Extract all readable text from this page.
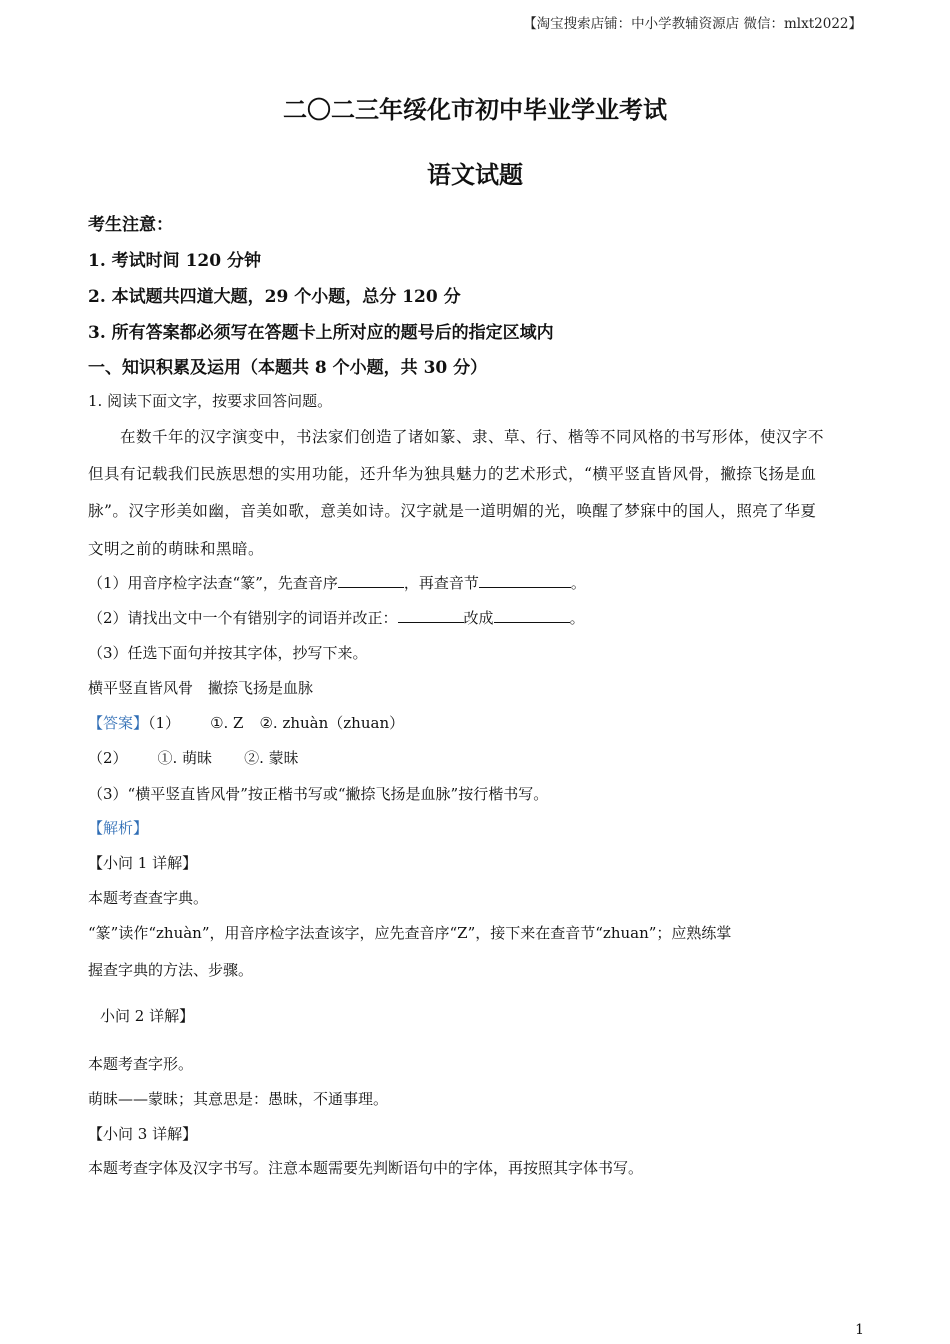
【淘宝搜索店铺：中小学教辅资源店 微信：mlxt2022】
二〇二三年绥化市初中毕业学业考试
语文试题
考生注意：
1. 考试时间 120 分钟
2. 本试题共四道大题，29 个小题，总分 120 分
3. 所有答案都必须写在答题卡上所对应的题号后的指定区域内
一、知识积累及运用（本题共 8 个小题，共 30 分）
1. 阅读下面文字，按要求回答问题。
在数千年的汉字演变中，书法家们创造了诸如篆、隶、草、行、楷等不同风格的书写形体，使汉字不
但具有记载我们民族思想的实用功能，还升华为独具魅力的艺术形式，“横平竖直皆风骨，撇捺飞扬是血
脉”。汉字形美如幽，音美如歌，意美如诗。汉字就是一道明媚的光，唤醒了梦寐中的国人，照亮了华夏
文明之前的萌昧和黑暗。
（1）用音序检字法查“篆”，先查音序	，再查音节	。
（2）请找出文中一个有错别字的词语并改正：	改成	。
（3）任选下面句并按其字体，抄写下来。
横平竖直皆风骨　撇捺飞扬是血脉
【答案】（1） ①. Z ②. zhuàn（zhuan）
（2） ①. 萌昧 ②. 蒙昧
（3）“横平竖直皆风骨”按正楷书写或“撇捺飞扬是血脉”按行楷书写。
【解析】
【小问 1 详解】
本题考查查字典。
“篆”读作“zhuàn”，用音序检字法查该字，应先查音序“Z”，接下来在查音节“zhuan”；应熟练掌
握查字典的方法、步骤。
小问 2 详解】
本题考查字形。
萌昧——蒙昧；其意思是：愚昧，不通事理。
【小问 3 详解】
本题考查字体及汉字书写。注意本题需要先判断语句中的字体，再按照其字体书写。
1
